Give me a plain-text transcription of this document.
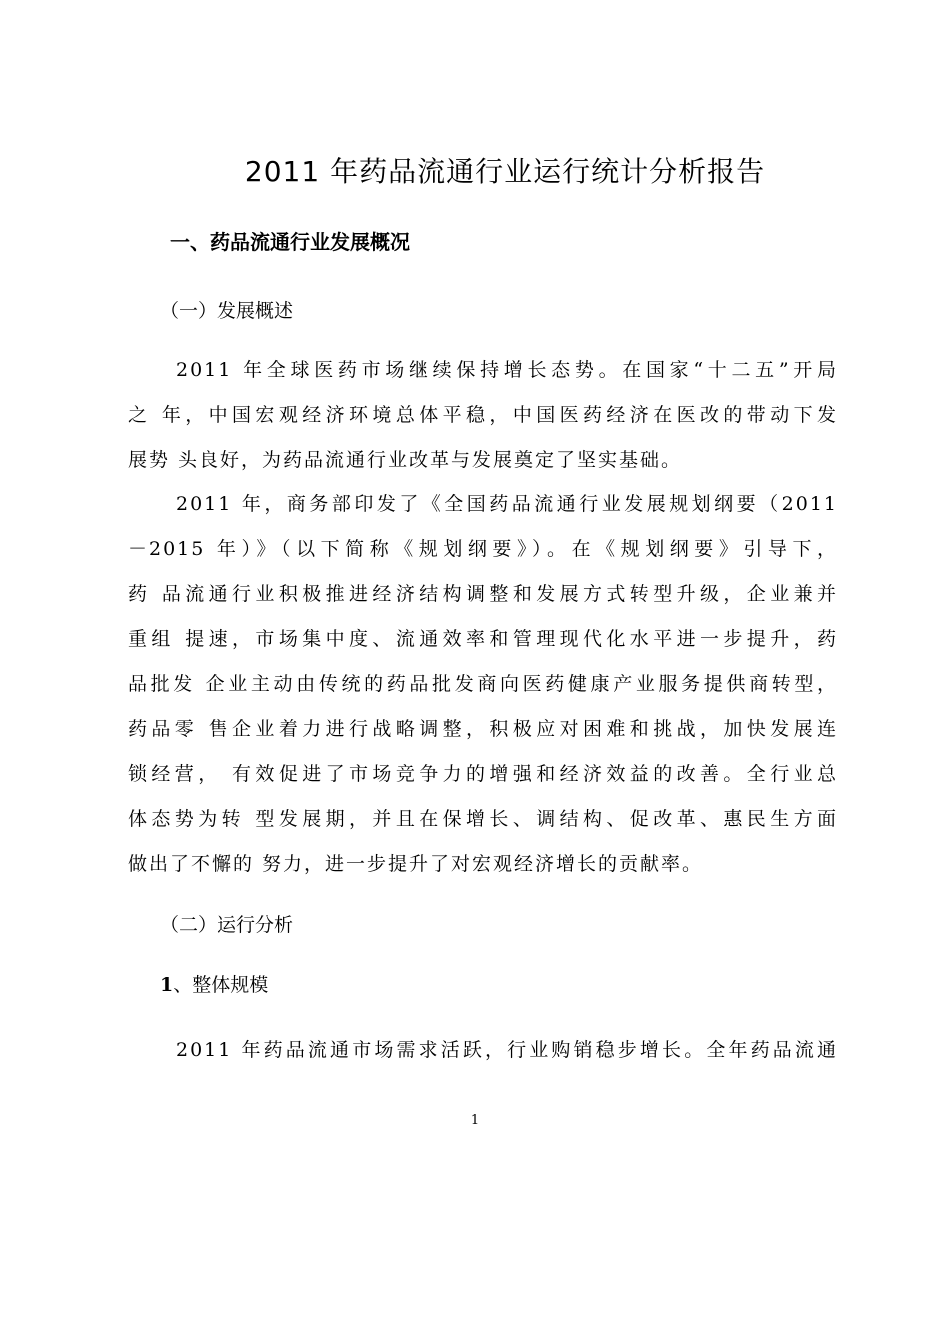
2011 年药品流通行业运行统计分析报告
一、药品流通行业发展概况
（一）发展概述
2011 年全球医药市场继续保持增长态势。在国家“十二五”开局
之 年，中国宏观经济环境总体平稳，中国医药经济在医改的带动下发
展势 头良好，为药品流通行业改革与发展奠定了坚实基础。
2011 年，商务部印发了《全国药品流通行业发展规划纲要（2011
－2015 年）》（以下简称《规划纲要》）。在《规划纲要》引导下，
药 品流通行业积极推进经济结构调整和发展方式转型升级，企业兼并
重组 提速，市场集中度、流通效率和管理现代化水平进一步提升，药
品批发 企业主动由传统的药品批发商向医药健康产业服务提供商转型，
药品零 售企业着力进行战略调整，积极应对困难和挑战，加快发展连
锁经营， 有效促进了市场竞争力的增强和经济效益的改善。全行业总
体态势为转 型发展期，并且在保增长、调结构、促改革、惠民生方面
做出了不懈的 努力，进一步提升了对宏观经济增长的贡献率。
（二）运行分析
1、整体规模
2011 年药品流通市场需求活跃，行业购销稳步增长。全年药品流通
1
